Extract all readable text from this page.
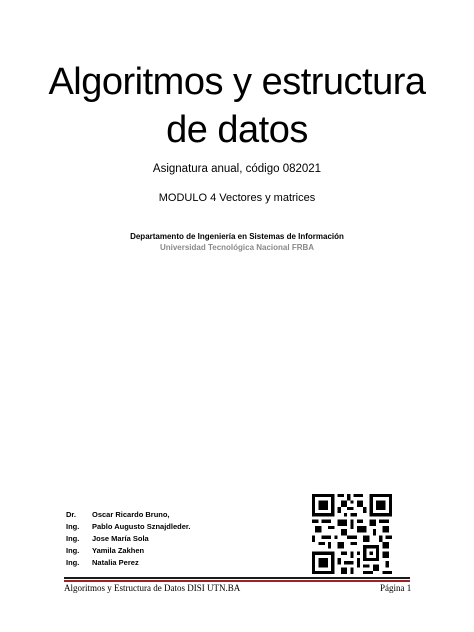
Algoritmos y estructura
de datos
Asignatura anual, código 082021
MODULO 4 Vectores y matrices
Departamento de Ingeniería en Sistemas de Información
Universidad Tecnológica Nacional FRBA
Dr.	Oscar Ricardo Bruno,
Ing.	Pablo Augusto Sznajdleder.
Ing.	Jose María Sola
Ing.	Yamila Zakhen
Ing.	Natalia Perez
Algoritmos y Estructura de Datos DISI UTN.BA	Página 1
